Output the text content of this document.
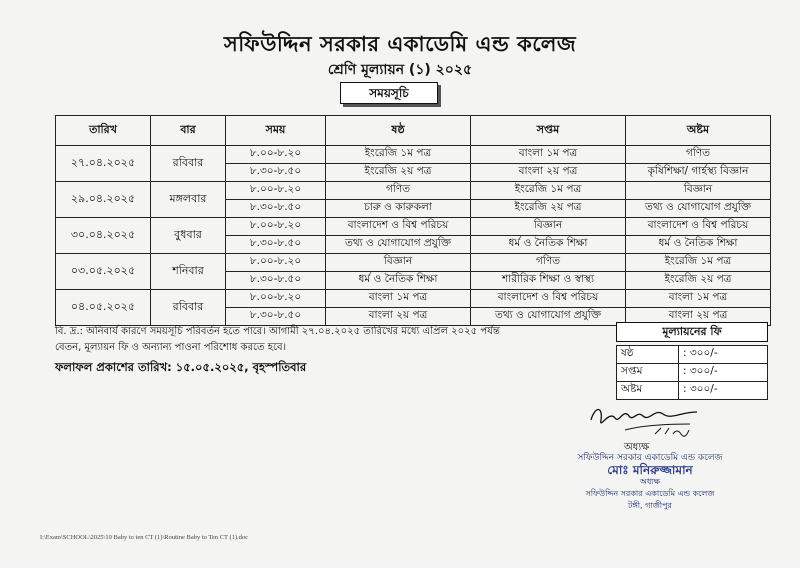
সফিউদ্দিন সরকার একাডেমি এন্ড কলেজ
শ্রেণি মূল্যায়ন (১) ২০২৫
সময়সূচি
তারিখ	বার	সময়	ষষ্ঠ	সপ্তম	অষ্টম
২৭.০৪.২০২৫	রবিবার	৮.০০-৮.২০	ইংরেজি ১ম পত্র	বাংলা ১ম পত্র	গণিত
		৮.৩০-৮.৫০	ইংরেজি ২য় পত্র	বাংলা ২য় পত্র	কৃষিশিক্ষা/ গার্হস্থ্য বিজ্ঞান
২৯.০৪.২০২৫	মঙ্গলবার	৮.০০-৮.২০	গণিত	ইংরেজি ১ম পত্র	বিজ্ঞান
		৮.৩০-৮.৫০	চারু ও কারুকলা	ইংরেজি ২য় পত্র	তথ্য ও যোগাযোগ প্রযুক্তি
৩০.০৪.২০২৫	বুধবার	৮.০০-৮.২০	বাংলাদেশ ও বিশ্ব পরিচয়	বিজ্ঞান	বাংলাদেশ ও বিশ্ব পরিচয়
		৮.৩০-৮.৫০	তথ্য ও যোগাযোগ প্রযুক্তি	ধর্ম ও নৈতিক শিক্ষা	ধর্ম ও নৈতিক শিক্ষা
০৩.০৫.২০২৫	শনিবার	৮.০০-৮.২০	বিজ্ঞান	গণিত	ইংরেজি ১ম পত্র
		৮.৩০-৮.৫০	ধর্ম ও নৈতিক শিক্ষা	শারীরিক শিক্ষা ও স্বাস্থ্য	ইংরেজি ২য় পত্র
০৪.০৫.২০২৫	রবিবার	৮.০০-৮.২০	বাংলা ১ম পত্র	বাংলাদেশ ও বিশ্ব পরিচয়	বাংলা ১ম পত্র
		৮.৩০-৮.৫০	বাংলা ২য় পত্র	তথ্য ও যোগাযোগ প্রযুক্তি	বাংলা ২য় পত্র
বি. দ্র.: অনিবার্য কারণে সময়সূচি পরিবর্তন হতে পারে। আগামী ২৭.০৪.২০২৫ তারিখের মধ্যে এপ্রিল ২০২৫ পর্যন্ত বেতন, মূল্যায়ন ফি ও অন্যান্য পাওনা পরিশোধ করতে হবে।
ফলাফল প্রকাশের তারিখ: ১৫.০৫.২০২৫, বৃহস্পতিবার
মূল্যায়নের ফি
ষষ্ঠ	: ৩০০/-
সপ্তম	: ৩০০/-
অষ্টম	: ৩০০/-
অধ্যক্ষ
সফিউদ্দিন সরকার একাডেমি এন্ড কলেজ
মোঃ মনিরুজ্জামান
অধ্যক্ষ
সফিউদ্দিন সরকার একাডেমি এন্ড কলেজ
টঙ্গী, গাজীপুর
I:\Exam\SCHOOL\2025\10 Baby to ten CT (1)\Routine Baby to Ten CT (1).doc
